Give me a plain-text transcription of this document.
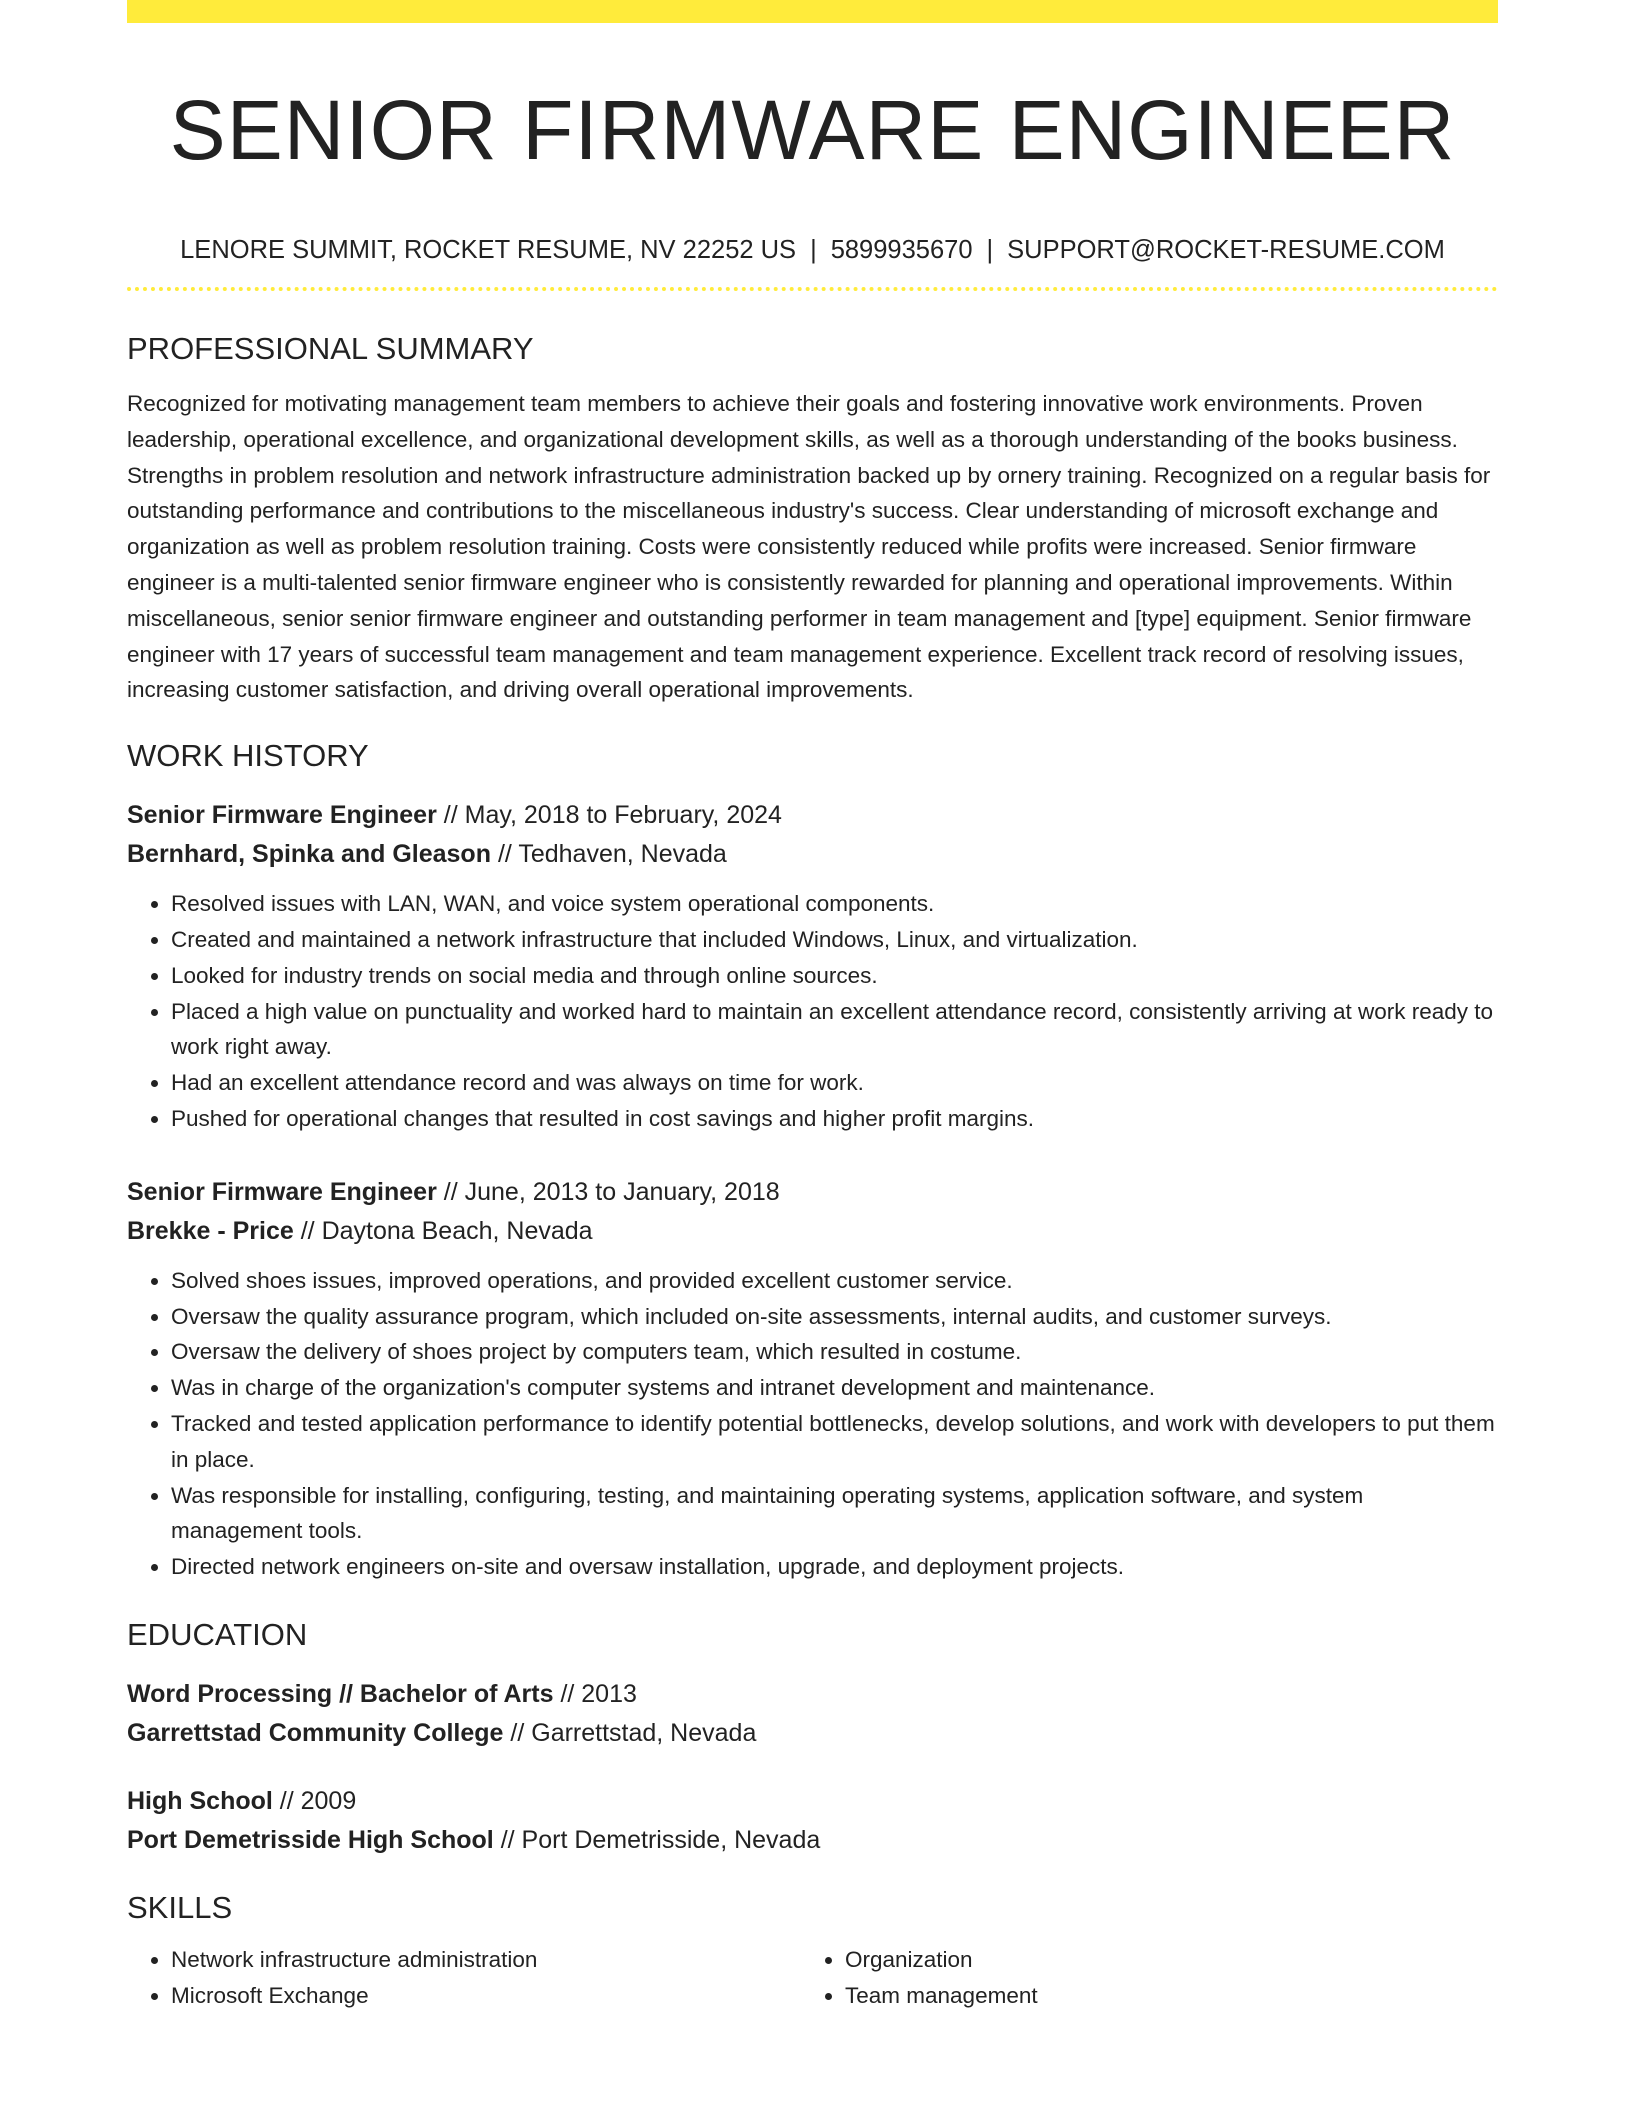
SENIOR FIRMWARE ENGINEER
LENORE SUMMIT, ROCKET RESUME, NV 22252 US | 5899935670 | SUPPORT@ROCKET-RESUME.COM
PROFESSIONAL SUMMARY

Recognized for motivating management team members to achieve their goals and fostering innovative work environments. Proven leadership, operational excellence, and organizational development skills, as well as a thorough understanding of the books business. Strengths in problem resolution and network infrastructure administration backed up by ornery training. Recognized on a regular basis for outstanding performance and contributions to the miscellaneous industry's success. Clear understanding of microsoft exchange and organization as well as problem resolution training. Costs were consistently reduced while profits were increased. Senior firmware engineer is a multi-talented senior firmware engineer who is consistently rewarded for planning and operational improvements. Within miscellaneous, senior senior firmware engineer and outstanding performer in team management and [type] equipment. Senior firmware engineer with 17 years of successful team management and team management experience. Excellent track record of resolving issues, increasing customer satisfaction, and driving overall operational improvements.

WORK HISTORY
Senior Firmware Engineer // May, 2018 to February, 2024
Bernhard, Spinka and Gleason // Tedhaven, Nevada
• Resolved issues with LAN, WAN, and voice system operational components.
• Created and maintained a network infrastructure that included Windows, Linux, and virtualization.
• Looked for industry trends on social media and through online sources.
• Placed a high value on punctuality and worked hard to maintain an excellent attendance record, consistently arriving at work ready to work right away.
• Had an excellent attendance record and was always on time for work.
• Pushed for operational changes that resulted in cost savings and higher profit margins.
Senior Firmware Engineer // June, 2013 to January, 2018
Brekke - Price // Daytona Beach, Nevada
• Solved shoes issues, improved operations, and provided excellent customer service.
• Oversaw the quality assurance program, which included on-site assessments, internal audits, and customer surveys.
• Oversaw the delivery of shoes project by computers team, which resulted in costume.
• Was in charge of the organization's computer systems and intranet development and maintenance.
• Tracked and tested application performance to identify potential bottlenecks, develop solutions, and work with developers to put them in place.
• Was responsible for installing, configuring, testing, and maintaining operating systems, application software, and system management tools.
• Directed network engineers on-site and oversaw installation, upgrade, and deployment projects.
EDUCATION
Word Processing // Bachelor of Arts // 2013
Garrettstad Community College // Garrettstad, Nevada
High School // 2009
Port Demetrisside High School // Port Demetrisside, Nevada
SKILLS
• Network infrastructure administration
• Microsoft Exchange
• Organization
• Team management
